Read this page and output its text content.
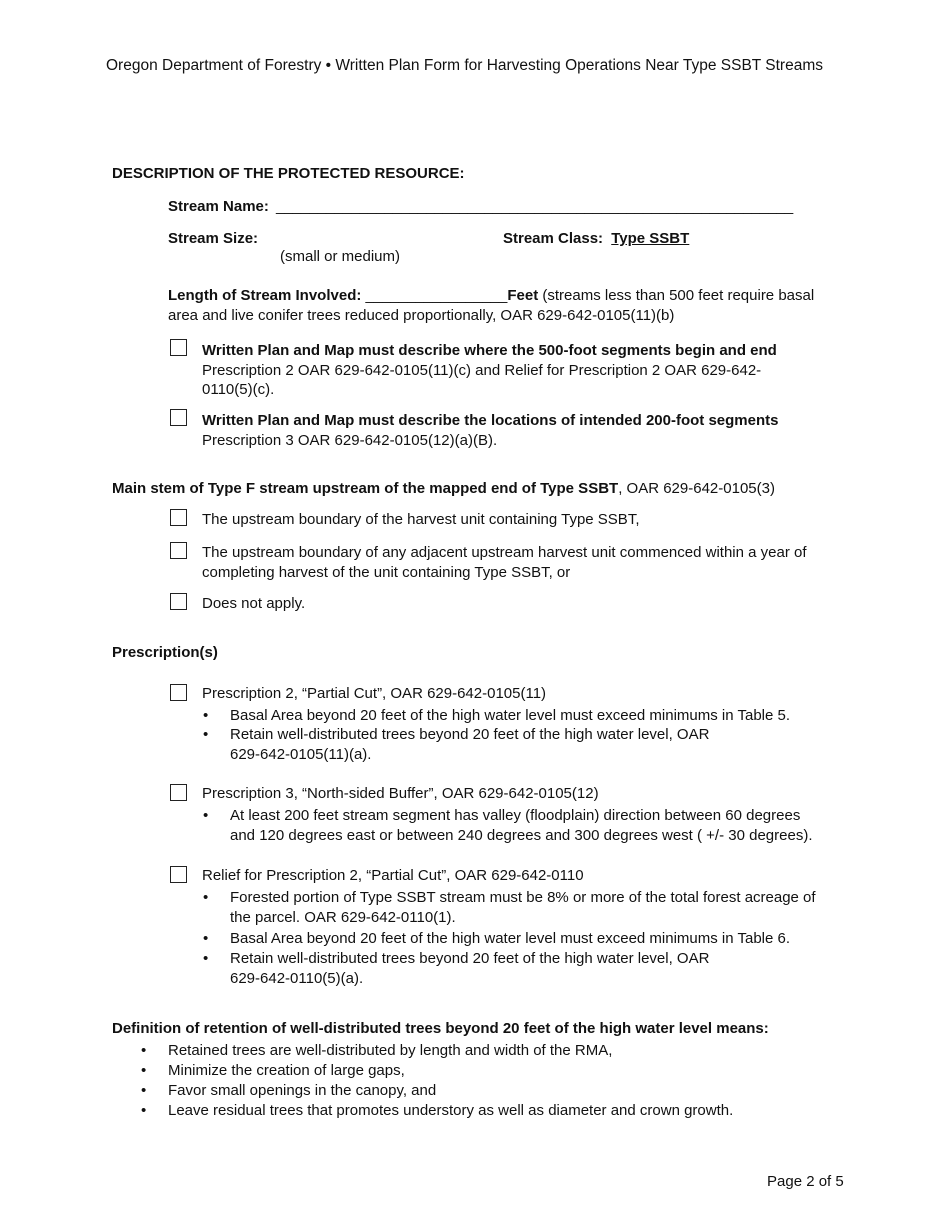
Oregon Department of Forestry • Written Plan Form for Harvesting Operations Near Type SSBT Streams
DESCRIPTION OF THE PROTECTED RESOURCE:
Stream Name: ______________________________________________________________
Stream Size:
(small or medium)
Stream Class: Type SSBT
Length of Stream Involved: _________________Feet (streams less than 500 feet require basal
area and live conifer trees reduced proportionally, OAR 629-642-0105(11)(b)
Written Plan and Map must describe where the 500-foot segments begin and end
Prescription 2 OAR 629-642-0105(11)(c) and Relief for Prescription 2 OAR 629-642-
0110(5)(c).
Written Plan and Map must describe the locations of intended 200-foot segments
Prescription 3 OAR 629-642-0105(12)(a)(B).
Main stem of Type F stream upstream of the mapped end of Type SSBT, OAR 629-642-0105(3)
The upstream boundary of the harvest unit containing Type SSBT,
The upstream boundary of any adjacent upstream harvest unit commenced within a year of
completing harvest of the unit containing Type SSBT, or
Does not apply.
Prescription(s)
Prescription 2, “Partial Cut”, OAR 629-642-0105(11)
• Basal Area beyond 20 feet of the high water level must exceed minimums in Table 5.
• Retain well-distributed trees beyond 20 feet of the high water level, OAR
629-642-0105(11)(a).
Prescription 3, “North-sided Buffer”, OAR 629-642-0105(12)
• At least 200 feet stream segment has valley (floodplain) direction between 60 degrees
and 120 degrees east or between 240 degrees and 300 degrees west ( +/- 30 degrees).
Relief for Prescription 2, “Partial Cut”, OAR 629-642-0110
• Forested portion of Type SSBT stream must be 8% or more of the total forest acreage of
the parcel. OAR 629-642-0110(1).
• Basal Area beyond 20 feet of the high water level must exceed minimums in Table 6.
• Retain well-distributed trees beyond 20 feet of the high water level, OAR
629-642-0110(5)(a).
Definition of retention of well-distributed trees beyond 20 feet of the high water level means:
• Retained trees are well-distributed by length and width of the RMA,
• Minimize the creation of large gaps,
• Favor small openings in the canopy, and
• Leave residual trees that promotes understory as well as diameter and crown growth.
Page 2 of 5
